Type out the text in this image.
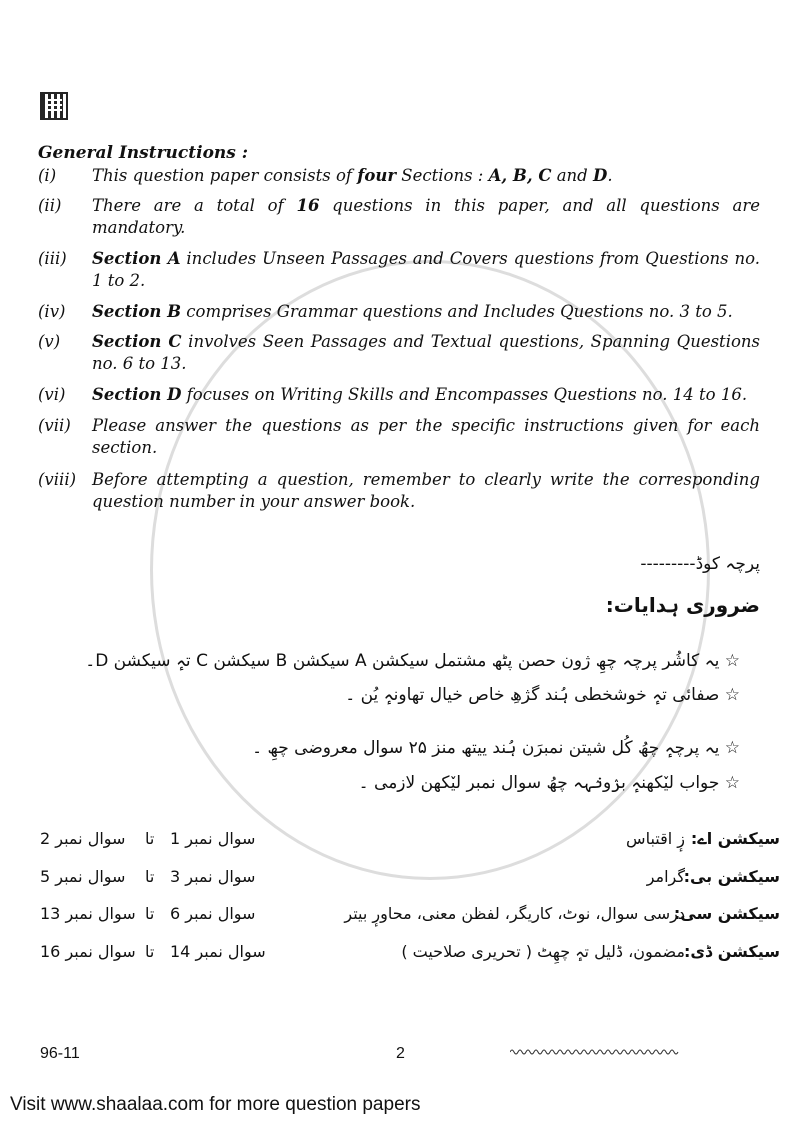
General Instructions :
(i) This question paper consists of four Sections : A, B, C and D.
(ii) There are a total of 16 questions in this paper, and all questions are mandatory.
(iii) Section A includes Unseen Passages and Covers questions from Questions no. 1 to 2.
(iv) Section B comprises Grammar questions and Includes Questions no. 3 to 5.
(v) Section C involves Seen Passages and Textual questions, Spanning Questions no. 6 to 13.
(vi) Section D focuses on Writing Skills and Encompasses Questions no. 14 to 16.
(vii) Please answer the questions as per the specific instructions given for each section.
(viii) Before attempting a question, remember to clearly write the corresponding question number in your answer book.
پرچہ کوڈ---------
ضروری ہدایات:
☆ یہ کاشُر پرچہ چھِ ژون حصن پٹھ مشتمل سیکشن A سیکشن B سیکشن C تہٕ سیکشن D۔
☆ صفائی تہٕ خوشخطی ہُند گژھِ خاص خیال تھاونہٕ یُن ۔
☆ یہ پرچہٕ چھُ کُل شیتن نمبرَن ہُند ییتھ منز ۲۵ سوال معروضی چھِ ۔
☆ جواب لیٚکھنہٕ برٛونٛہہ چھُ سوال نمبر لیٚکھن لازمی ۔
سیکشن اے:
زٕ اقتباس
سوال نمبر 1
تا
سوال نمبر 2
سیکشن بی:
گرامر
سوال نمبر 3
تا
سوال نمبر 5
سیکشن سی:
درسی سوال، نوٹ، کاریگر، لفظن معنی، محاورٕ بیتر
سوال نمبر 6
تا
سوال نمبر 13
سیکشن ڈی:
مضمون، ڈلیل تہٕ چھِٹ ( تحریری صلاحیت )
سوال نمبر 14
تا
سوال نمبر 16
96-11	2
Visit www.shaalaa.com for more question papers
